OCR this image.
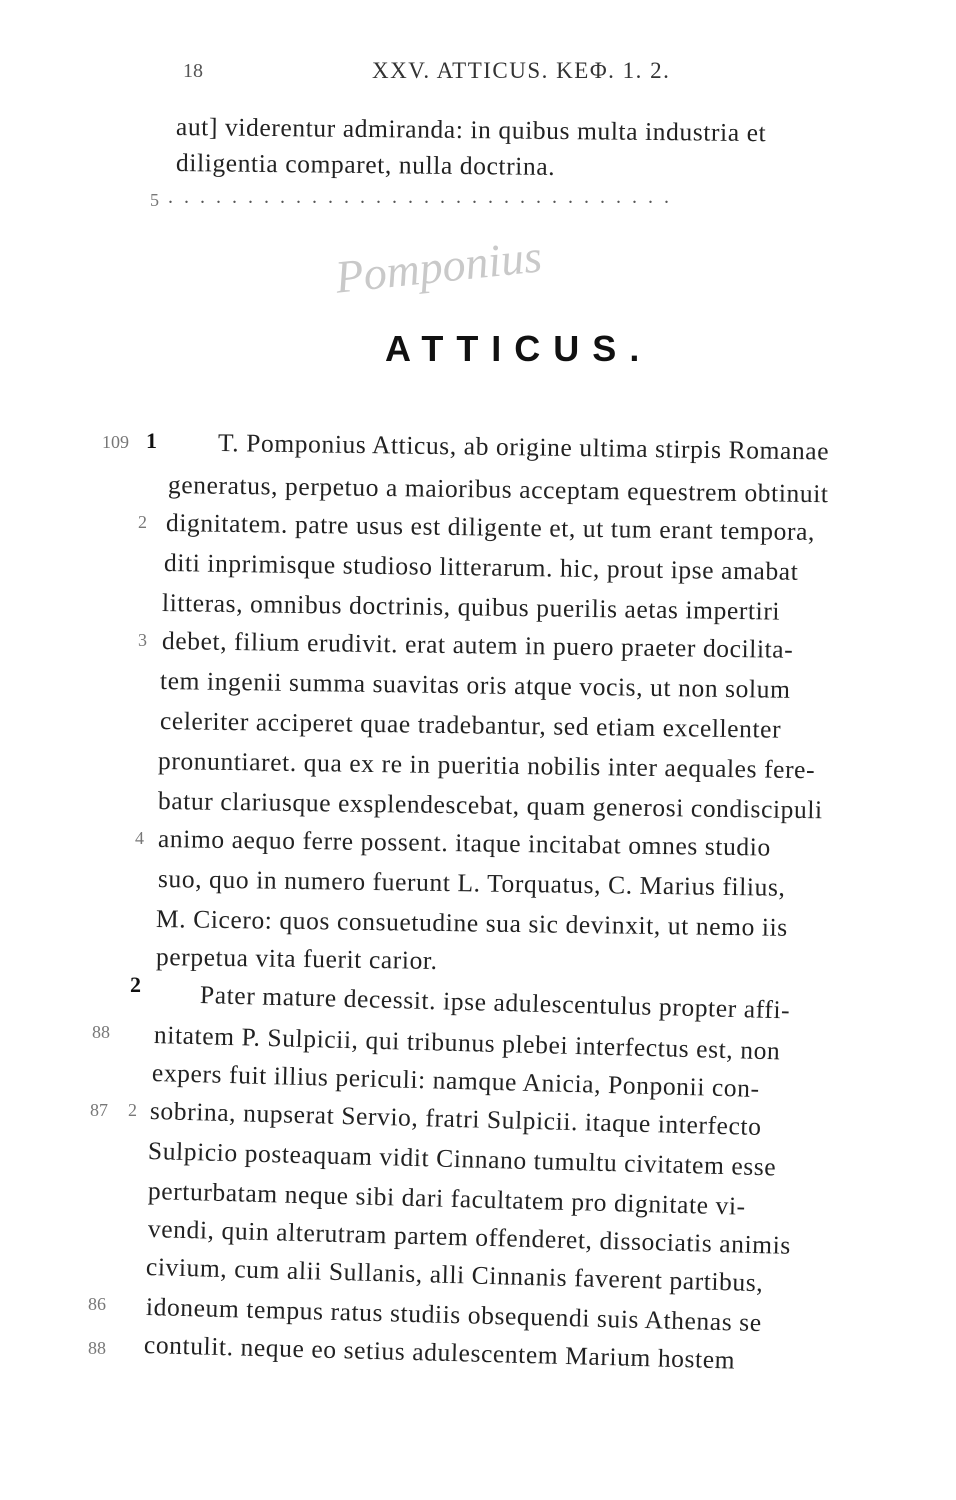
18	XXV. ATTICUS. ΚΕΦ. 1. 2.
aut] viderentur admiranda: in quibus multa industria et
diligentia comparet, nulla doctrina.
5 ................................
Pomponius
ATTICUS.
109 1 T. Pomponius Atticus, ab origine ultima stirpis Romanae
generatus, perpetuo a maioribus acceptam equestrem obtinuit
2 dignitatem. patre usus est diligente et, ut tum erant tempora,
diti inprimisque studioso litterarum. hic, prout ipse amabat
litteras, omnibus doctrinis, quibus puerilis aetas impertiri
3 debet, filium erudivit. erat autem in puero praeter docilita-
tem ingenii summa suavitas oris atque vocis, ut non solum
celeriter acciperet quae tradebantur, sed etiam excellenter
pronuntiaret. qua ex re in pueritia nobilis inter aequales fere-
batur clariusque exsplendescebat, quam generosi condiscipuli
4 animo aequo ferre possent. itaque incitabat omnes studio
suo, quo in numero fuerunt L. Torquatus, C. Marius filius,
M. Cicero: quos consuetudine sua sic devinxit, ut nemo iis
perpetua vita fuerit carior.
2 Pater mature decessit. ipse adulescentulus propter affi-
88 nitatem P. Sulpicii, qui tribunus plebei interfectus est, non
expers fuit illius periculi: namque Anicia, Ponponii con-
87 2 sobrina, nupserat Servio, fratri Sulpicii. itaque interfecto
Sulpicio posteaquam vidit Cinnano tumultu civitatem esse
perturbatam neque sibi dari facultatem pro dignitate vi-
vendi, quin alterutram partem offenderet, dissociatis animis
civium, cum alii Sullanis, alli Cinnanis faverent partibus,
86 idoneum tempus ratus studiis obsequendi suis Athenas se
88 contulit. neque eo setius adulescentem Marium hostem
